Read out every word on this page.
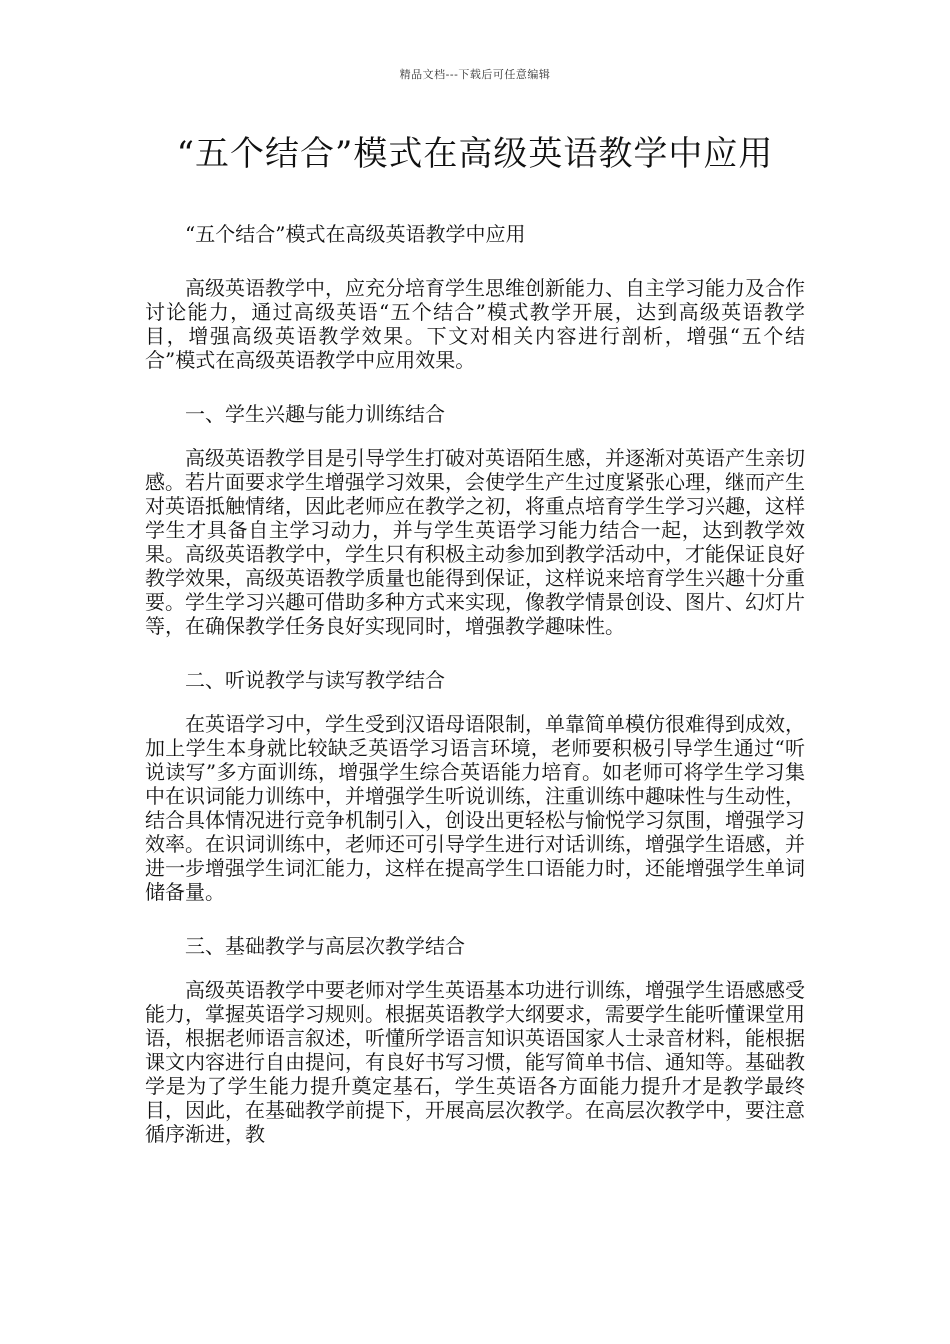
精品文档---下载后可任意编辑
“五个结合”模式在高级英语教学中应用

“五个结合”模式在高级英语教学中应用

高级英语教学中，应充分培育学生思维创新能力、自主学习能力及合作讨论能力，通过高级英语“五个结合”模式教学开展，达到高级英语教学目，增强高级英语教学效果。下文对相关内容进行剖析，增强“五个结合”模式在高级英语教学中应用效果。

一、学生兴趣与能力训练结合

高级英语教学目是引导学生打破对英语陌生感，并逐渐对英语产生亲切感。若片面要求学生增强学习效果，会使学生产生过度紧张心理，继而产生对英语抵触情绪，因此老师应在教学之初，将重点培育学生学习兴趣，这样学生才具备自主学习动力，并与学生英语学习能力结合一起，达到教学效果。高级英语教学中，学生只有积极主动参加到教学活动中，才能保证良好教学效果，高级英语教学质量也能得到保证，这样说来培育学生兴趣十分重要。学生学习兴趣可借助多种方式来实现，像教学情景创设、图片、幻灯片等，在确保教学任务良好实现同时，增强教学趣味性。

二、听说教学与读写教学结合

在英语学习中，学生受到汉语母语限制，单靠简单模仿很难得到成效，加上学生本身就比较缺乏英语学习语言环境，老师要积极引导学生通过“听说读写”多方面训练，增强学生综合英语能力培育。如老师可将学生学习集中在识词能力训练中，并增强学生听说训练，注重训练中趣味性与生动性，结合具体情况进行竞争机制引入，创设出更轻松与愉悦学习氛围，增强学习效率。在识词训练中，老师还可引导学生进行对话训练，增强学生语感，并进一步增强学生词汇能力，这样在提高学生口语能力时，还能增强学生单词储备量。

三、基础教学与高层次教学结合

高级英语教学中要老师对学生英语基本功进行训练，增强学生语感感受能力，掌握英语学习规则。根据英语教学大纲要求，需要学生能听懂课堂用语，根据老师语言叙述，听懂所学语言知识英语国家人士录音材料，能根据课文内容进行自由提问，有良好书写习惯，能写简单书信、通知等。基础教学是为了学生能力提升奠定基石，学生英语各方面能力提升才是教学最终目，因此，在基础教学前提下，开展高层次教学。在高层次教学中，要注意循序渐进，教
